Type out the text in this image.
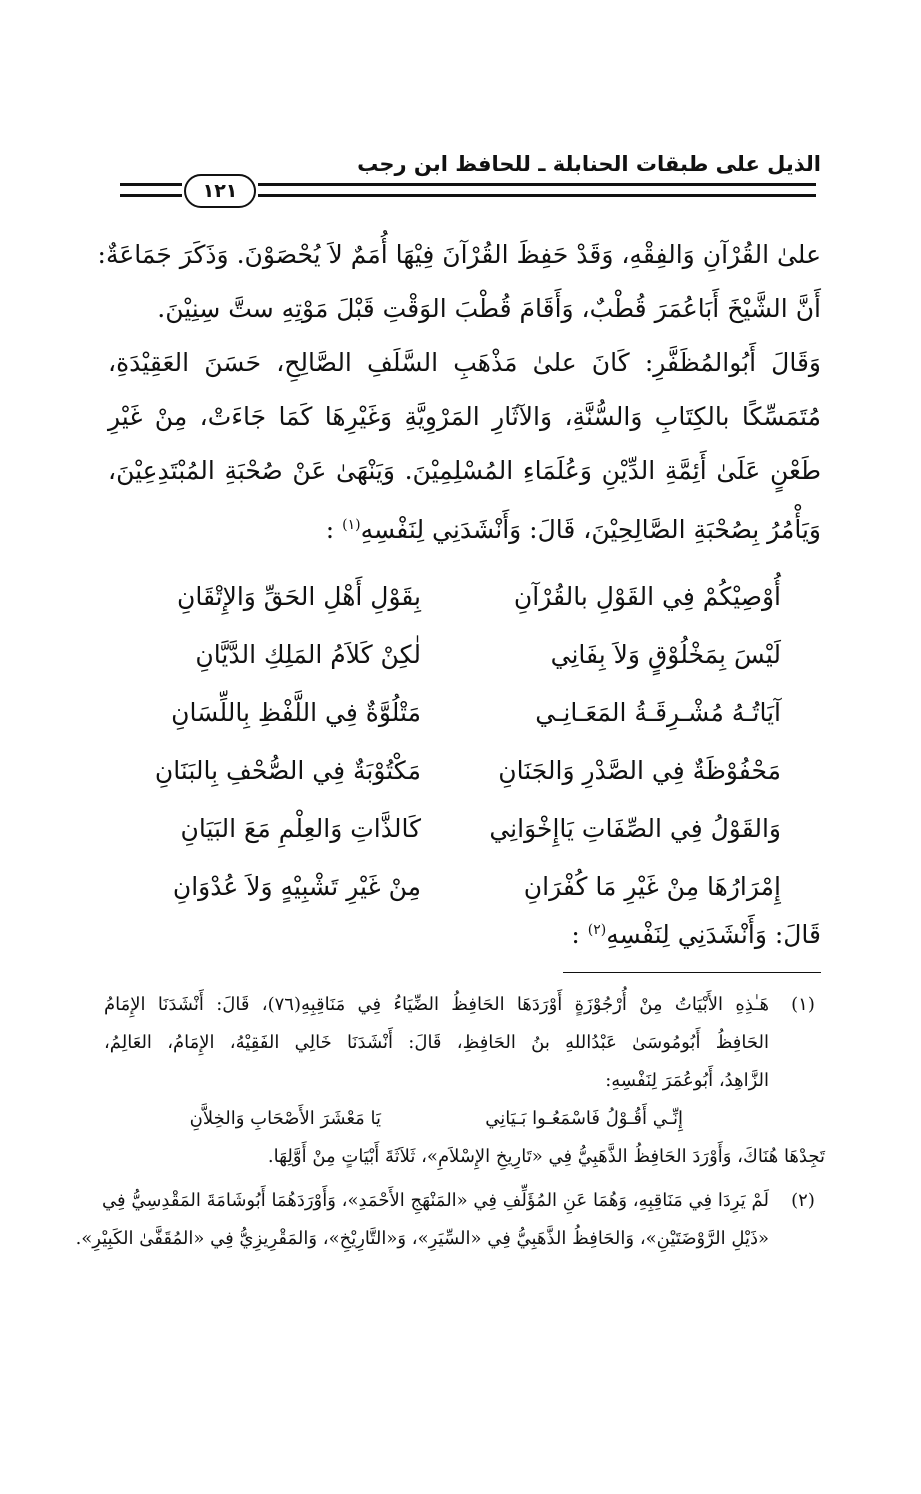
الذيل على طبقات الحنابلة ـ للحافظ ابن رجب
١٢١
علىٰ القُرْآنِ وَالفِقْهِ، وَقَدْ حَفِظَ القُرْآنَ فِيْهَا أُمَمٌ لاَ يُحْصَوْنَ. وَذَكَرَ جَمَاعَةٌ:
أَنَّ الشَّيْخَ أَبَاعُمَرَ قُطْبٌ، وَأَقَامَ قُطْبَ الوَقْتِ قَبْلَ مَوْتِهِ ستَّ سِنِيْنَ.
وَقَالَ أَبُوالمُظَفَّرِ: كَانَ علىٰ مَذْهَبِ السَّلَفِ الصَّالِحِ، حَسَنَ العَقِيْدَةِ،
مُتَمَسِّكًا بالكِتَابِ وَالسُّنَّةِ، وَالآثَارِ المَرْوِيَّةِ وَغَيْرِهَا كَمَا جَاءَتْ، مِنْ غَيْرِ
طَعْنٍ عَلَىٰ أَئِمَّةِ الدِّيْنِ وَعُلَمَاءِ المُسْلِمِيْنَ. وَيَنْهَىٰ عَنْ صُحْبَةِ المُبْتَدِعِيْنَ،
وَيَأْمُرُ بِصُحْبَةِ الصَّالِحِيْنَ، قَالَ: وَأَنْشَدَنِي لِنَفْسِهِ$^{(١)}$ :
أُوْصِيْكُمْ فِي القَوْلِ بالقُرْآنِ
بِقَوْلِ أَهْلِ الحَقِّ وَالإِتْقَانِ
لَيْسَ بِمَخْلُوْقٍ وَلاَ بِفَانِي
لٰكِنْ كَلاَمُ المَلِكِ الدَّيَّانِ
آيَاتُـهُ مُشْـرِقَـةُ المَعَـانِـي
مَتْلُوَّةٌ فِي اللَّفْظِ بِاللِّسَانِ
مَحْفُوْظَةٌ فِي الصَّدْرِ وَالجَنَانِ
مَكْتُوْبَةٌ فِي الصُّحْفِ بِالبَنَانِ
وَالقَوْلُ فِي الصِّفَاتِ يَاإِخْوَانِي
كَالذَّاتِ وَالعِلْمِ مَعَ البَيَانِ
إِمْرَارُهَا مِنْ غَيْرِ مَا كُفْرَانِ
مِنْ غَيْرِ تَشْبِيْهٍ وَلاَ عُدْوَانِ
قَالَ: وَأَنْشَدَنِي لِنَفْسِهِ$^{(٢)}$ :
(١)
هَـٰذِهِ الأَبْيَاتُ مِنْ أُرْجُوْزَةٍ أَوْرَدَهَا الحَافِظُ الضِّيَاءُ فِي مَنَاقِبِهِ(٧٦)، قَالَ: أَنْشَدَنَا الإِمَامُ
الحَافِظُ أَبُومُوسَىٰ عَبْدُاللهِ بنُ الحَافِظِ، قَالَ: أَنْشَدَنَا خَالِي الفَقِيْهُ، الإِمَامُ، العَالِمُ،
الزَّاهِدُ، أَبُوعُمَرَ لِنَفْسِهِ:
إِنِّـي أَقُـوْلُ فَاسْمَعُـوا بَـيَانِي
يَا مَعْشَرَ الأَصْحَابِ وَالخِلاَّنِ
تَجِدْهَا هُنَاكَ، وَأَوْرَدَ الحَافِظُ الذَّهَبِيُّ فِي «تَارِيخِ الإِسْلاَمِ»، ثَلاَثَةَ أَبْيَاتٍ مِنْ أَوَّلِهَا.
(٢)
لَمْ يَرِدَا فِي مَنَاقِبِهِ، وَهُمَا عَنِ المُؤَلِّفِ فِي «المَنْهَجِ الأَحْمَدِ»، وَأَوْرَدَهُمَا أَبُوشَامَةَ المَقْدِسِيُّ فِي
«ذَيْلِ الرَّوْضَتَيْنِ»، وَالحَافِظُ الذَّهَبِيُّ فِي «السِّيَرِ»، وَ«التَّارِيْخِ»، وَالمَقْرِيزِيُّ فِي «المُقَفَّىٰ الكَبِيْرِ».
